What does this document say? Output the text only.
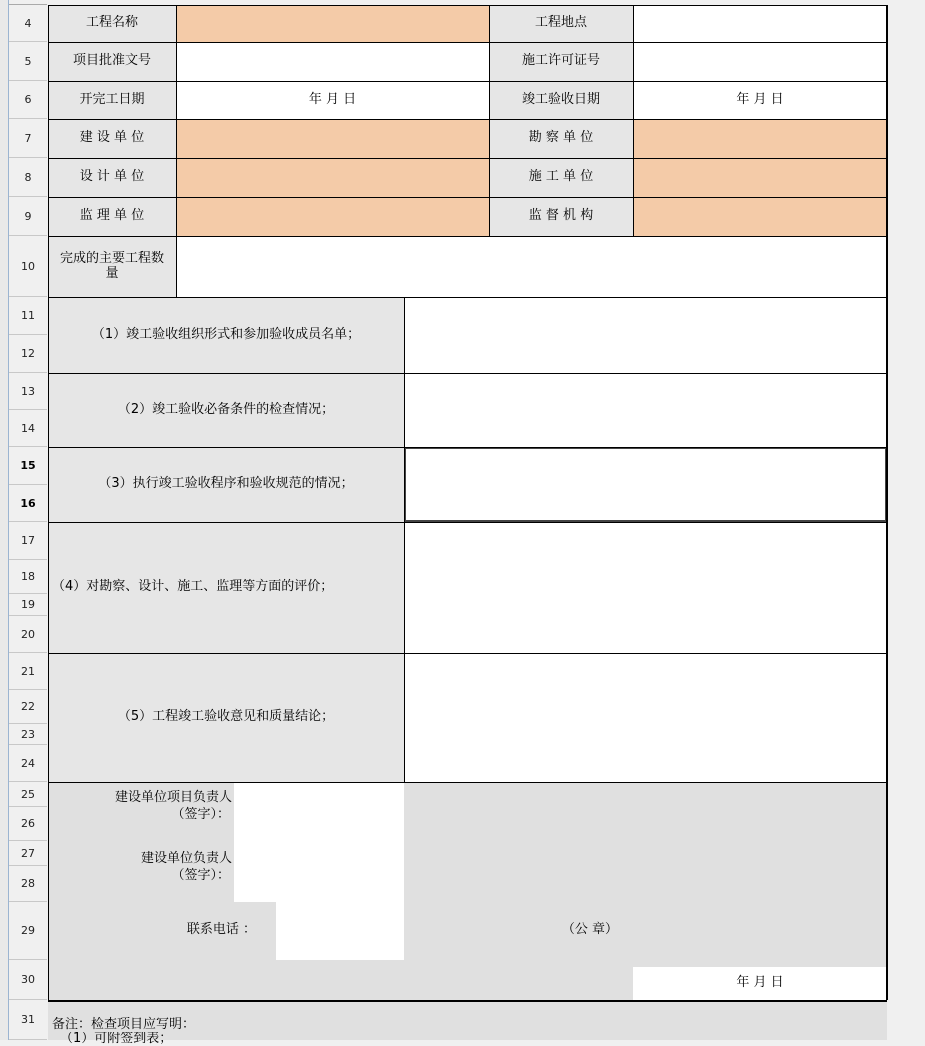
4
5
6
7
8
9
10
11
12
13
14
15
16
17
18
19
20
21
22
23
24
25
26
27
28
29
30
31
工程名称	工程地点
项目批准文号	施工许可证号
开完工日期	年 月 日	竣工验收日期	年 月 日
建 设 单 位	勘 察 单 位
设 计 单 位	施 工 单 位
监 理 单 位	监 督 机 构
完成的主要工程数量
（1）竣工验收组织形式和参加验收成员名单；
（2）竣工验收必备条件的检查情况；
（3）执行竣工验收程序和验收规范的情况；
（4）对勘察、设计、施工、监理等方面的评价；
（5）工程竣工验收意见和质量结论；
建设单位项目负责人
（签字）：
建设单位负责人
（签字）：
联系电话 ：	（公 章）
年 月 日
备注：检查项目应写明：
（1）可附签到表；
